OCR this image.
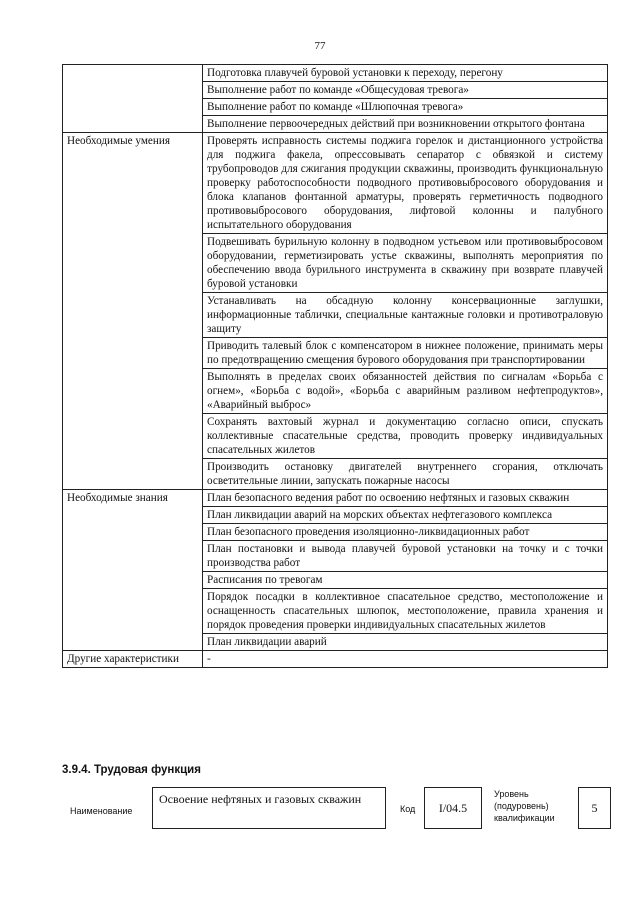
77
	Подготовка плавучей буровой установки к переходу, перегону
	Выполнение работ по команде «Общесудовая тревога»
	Выполнение работ по команде «Шлюпочная тревога»
	Выполнение первоочередных действий при возникновении открытого фонтана
Необходимые умения	Проверять исправность системы поджига горелок и дистанционного устройства для поджига факела, опрессовывать сепаратор с обвязкой и систему трубопроводов для сжигания продукции скважины, производить функциональную проверку работоспособности подводного противовыбросового оборудования и блока клапанов фонтанной арматуры, проверять герметичность подводного противовыбросового оборудования, лифтовой колонны и палубного испытательного оборудования
	Подвешивать бурильную колонну в подводном устьевом или противовыбросовом оборудовании, герметизировать устье скважины, выполнять мероприятия по обеспечению ввода бурильного инструмента в скважину при возврате плавучей буровой установки
	Устанавливать на обсадную колонну консервационные заглушки, информационные таблички, специальные кантажные головки и противотраловую защиту
	Приводить талевый блок с компенсатором в нижнее положение, принимать меры по предотвращению смещения бурового оборудования при транспортировании
	Выполнять в пределах своих обязанностей действия по сигналам «Борьба с огнем», «Борьба с водой», «Борьба с аварийным разливом нефтепродуктов», «Аварийный выброс»
	Сохранять вахтовый журнал и документацию согласно описи, спускать коллективные спасательные средства, проводить проверку индивидуальных спасательных жилетов
	Производить остановку двигателей внутреннего сгорания, отключать осветительные линии, запускать пожарные насосы
Необходимые знания	План безопасного ведения работ по освоению нефтяных и газовых скважин
	План ликвидации аварий на морских объектах нефтегазового комплекса
	План безопасного проведения изоляционно-ликвидационных работ
	План постановки и вывода плавучей буровой установки на точку и с точки производства работ
	Расписания по тревогам
	Порядок посадки в коллективное спасательное средство, местоположение и оснащенность спасательных шлюпок, местоположение, правила хранения и порядок проведения проверки индивидуальных спасательных жилетов
	План ликвидации аварий
Другие характеристики	-
3.9.4. Трудовая функция
Наименование
Освоение нефтяных и газовых скважин
Код	I/04.5
Уровень (подуровень) квалификации
5
